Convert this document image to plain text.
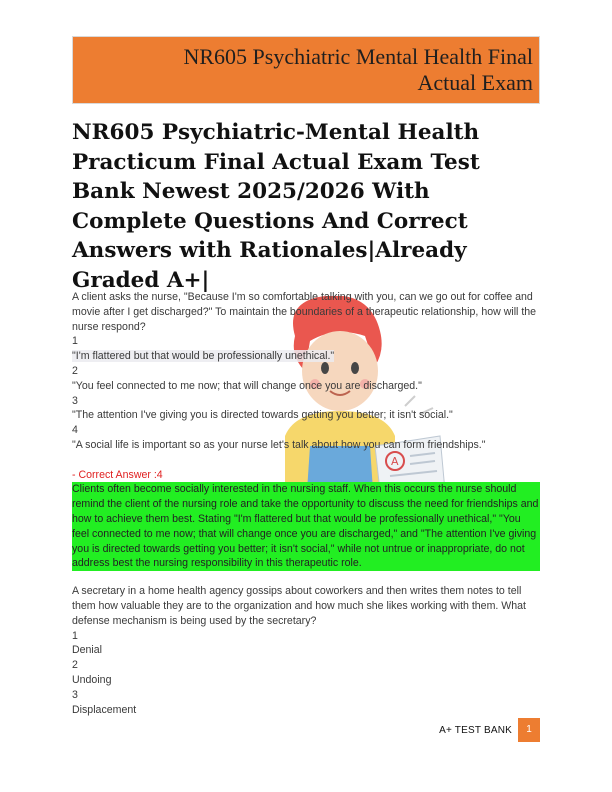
NR605 Psychiatric Mental Health Final
Actual Exam
NR605 Psychiatric-Mental Health Practicum Final Actual Exam Test Bank Newest 2025/2026 With Complete Questions And Correct Answers with Rationales|Already Graded A+|
A

A client asks the nurse, "Because I'm so comfortable talking with you, can we go out for coffee and movie after I get discharged?" To maintain the boundaries of a therapeutic relationship, how will the nurse respond?

1

"I'm flattered but that would be professionally unethical."

2

"You feel connected to me now; that will change once you are discharged."

3

"The attention I've giving you is directed towards getting you better; it isn't social."

4

"A social life is important so as your nurse let's talk about how you can form friendships."

- Correct Answer :4

Clients often become socially interested in the nursing staff. When this occurs the nurse should remind the client of the nursing role and take the opportunity to discuss the need for friendships and how to achieve them best. Stating "I'm flattered but that would be professionally unethical," "You feel connected to me now; that will change once you are discharged," and "The attention I've giving you is directed towards getting you better; it isn't social," while not untrue or inappropriate, do not address best the nursing responsibility in this therapeutic role.

A secretary in a home health agency gossips about coworkers and then writes them notes to tell them how valuable they are to the organization and how much she likes working with them. What defense mechanism is being used by the secretary?

1

Denial

2

Undoing

3

Displacement

A+ TEST BANK	1
